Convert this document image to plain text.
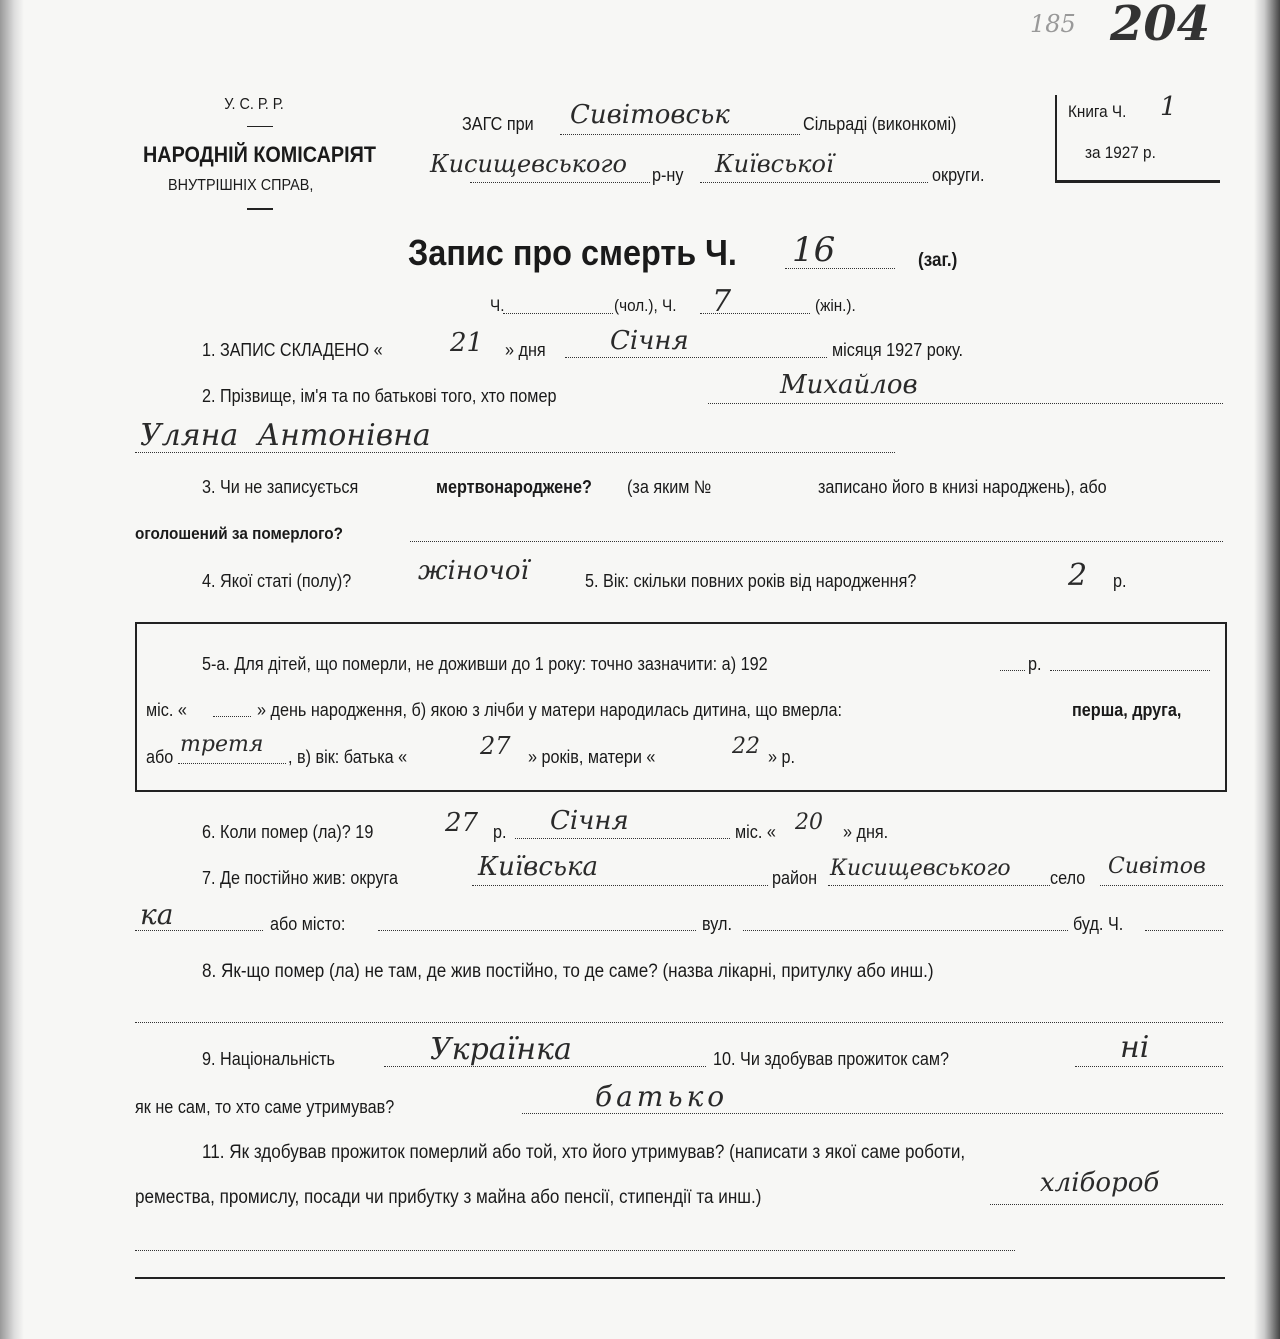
У. С. Р. Р.
НАРОДНІЙ КОМІСАРІЯТ
ВНУТРІШНІХ СПРАВ,
ЗАГС при Сивітовськ	Сільраді (виконкомі)
Кисищевського р-ну Київської	округи.
Книга Ч. 1
за 1927 р.
185 204
Запис про смерть Ч. 16	(заг.)
Ч.	(чол.), Ч. 7	(жін.).
1. ЗАПИС СКЛАДЕНО «	21 » дня Січня	місяця 1927 року.
2. Прізвище, ім'я та по батькові того, хто помер	Михайлов
Уляна  Антонівна
3. Чи не записується	мертвонароджене? (за яким №	записано його в книзі народжень), або
оголошений за померлого?
4. Якої статі (полу)?	жіночої	5. Вік: скільки повних років від народження?	2 р.
5-а. Для дітей, що померли, не доживши до 1 року: точно зазначити: а) 192	р.
міс. «	» день народження, б) якою з лічби у матери народилась дитина, що вмерла:	перша, друга,
або третя , в) вік: батька «	27 » років, матери «	22 » р.
6. Коли помер (ла)? 19	27 р. Січня	міс. « 20 » дня.
7. Де постійно жив: округа	Київська	район Кисищевського село Сивітов
ка	або місто:	вул.	буд. Ч.
8. Як-що помер (ла) не там, де жив постійно, то де саме? (назва лікарні, притулку або инш.)
9. Національність	Українка	10. Чи здобував прожиток сам?	ні
як не сам, то хто саме утримував?	батько
11. Як здобував прожиток померлий або той, хто його утримував? (написати з якої саме роботи,
ремества, промислу, посади чи прибутку з майна або пенсії, стипендії та инш.)	хлібороб
